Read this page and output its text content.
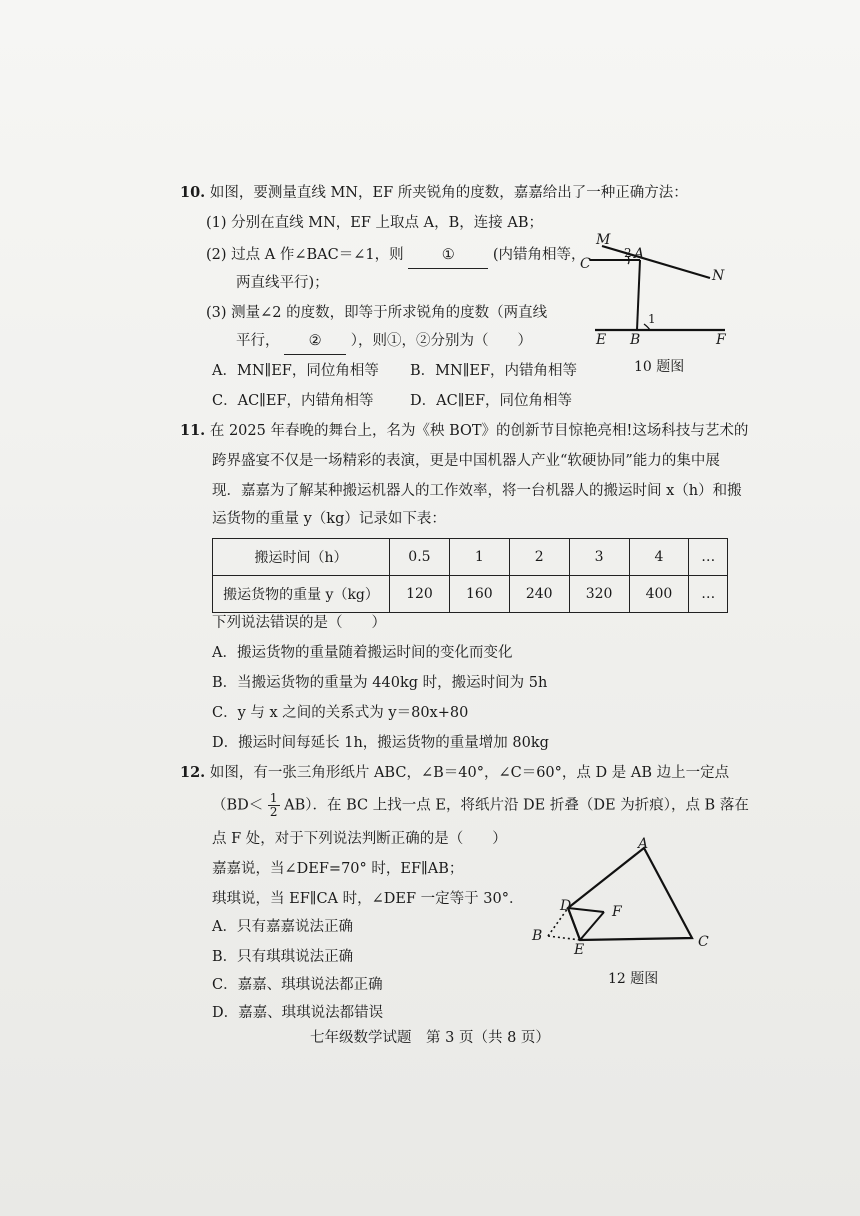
10. 如图，要测量直线 MN，EF 所夹锐角的度数，嘉嘉给出了一种正确方法：
(1) 分别在直线 MN，EF 上取点 A，B，连接 AB；
(2) 过点 A 作∠BAC＝∠1，则	①	(内错角相等，
两直线平行)；
(3) 测量∠2 的度数，即等于所求锐角的度数（两直线
平行， ② ），则①，②分别为（　　）
A．MN∥EF，同位角相等 B．MN∥EF，内错角相等
C．AC∥EF，内错角相等	D．AC∥EF，同位角相等
M
A
C
N
2
1
E B	F
10 题图
11. 在 2025 年春晚的舞台上，名为《秧 BOT》的创新节目惊艳亮相!这场科技与艺术的
跨界盛宴不仅是一场精彩的表演，更是中国机器人产业“软硬协同”能力的集中展
现．嘉嘉为了解某种搬运机器人的工作效率，将一台机器人的搬运时间 x（h）和搬
运货物的重量 y（kg）记录如下表：
搬运时间（h）	0.5	1	2	3	4	…
搬运货物的重量 y（kg）	120	160	240	320	400	…
下列说法错误的是（　　）
A．搬运货物的重量随着搬运时间的变化而变化
B．当搬运货物的重量为 440kg 时，搬运时间为 5h
C．y 与 x 之间的关系式为 y＝80x+80
D．搬运时间每延长 1h，搬运货物的重量增加 80kg
12. 如图，有一张三角形纸片 ABC，∠B＝40°，∠C＝60°，点 D 是 AB 边上一定点
$(BD< \frac{1}{2} AB)$．在 BC 上找一点 E，将纸片沿 DE 折叠（DE 为折痕），点 B 落在
点 F 处，对于下列说法判断正确的是（　　）
嘉嘉说，当∠DEF=70° 时，EF∥AB；
琪琪说，当 EF∥CA 时，∠DEF 一定等于 30°．
A．只有嘉嘉说法正确
B．只有琪琪说法正确
C．嘉嘉、琪琪说法都正确
D．嘉嘉、琪琪说法都错误
A
D	F
B
E	C
12 题图
七年级数学试题　第 3 页（共 8 页）
